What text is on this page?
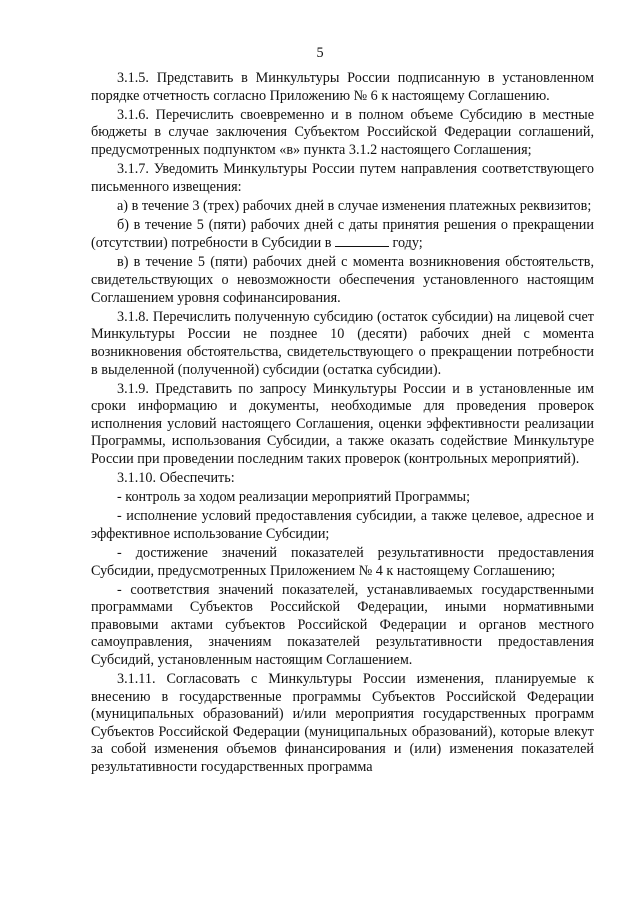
5

3.1.5. Представить в Минкультуры России подписанную в установленном порядке отчетность согласно Приложению № 6 к настоящему Соглашению.

3.1.6. Перечислить своевременно и в полном объеме Субсидию в местные бюджеты в случае заключения Субъектом Российской Федерации соглашений, предусмотренных подпунктом «в» пункта 3.1.2 настоящего Соглашения;

3.1.7. Уведомить Минкультуры России путем направления соответствующего письменного извещения:

а) в течение 3 (трех) рабочих дней в случае изменения платежных реквизитов;

б) в течение 5 (пяти) рабочих дней с даты принятия решения о прекращении (отсутствии) потребности в Субсидии в	году;

в) в течение 5 (пяти) рабочих дней с момента возникновения обстоятельств, свидетельствующих о невозможности обеспечения установленного настоящим Соглашением уровня софинансирования.

3.1.8. Перечислить полученную субсидию (остаток субсидии) на лицевой счет Минкультуры России не позднее 10 (десяти) рабочих дней с момента возникновения обстоятельства, свидетельствующего о прекращении потребности в выделенной (полученной) субсидии (остатка субсидии).

3.1.9. Представить по запросу Минкультуры России и в установленные им сроки информацию и документы, необходимые для проведения проверок исполнения условий настоящего Соглашения, оценки эффективности реализации Программы, использования Субсидии, а также оказать содействие Минкультуре России при проведении последним таких проверок (контрольных мероприятий).

3.1.10. Обеспечить:

- контроль за ходом реализации мероприятий Программы;

- исполнение условий предоставления субсидии, а также целевое, адресное и эффективное использование Субсидии;

- достижение значений показателей результативности предоставления Субсидии, предусмотренных Приложением № 4 к настоящему Соглашению;

- соответствия значений показателей, устанавливаемых государственными программами Субъектов Российской Федерации, иными нормативными правовыми актами субъектов Российской Федерации и органов местного самоуправления, значениям показателей результативности предоставления Субсидий, установленным настоящим Соглашением.

3.1.11. Согласовать с Минкультуры России изменения, планируемые к внесению в государственные программы Субъектов Российской Федерации (муниципальных образований) и/или мероприятия государственных программ Субъектов Российской Федерации (муниципальных образований), которые влекут за собой изменения объемов финансирования и (или) изменения показателей результативности государственных программа
